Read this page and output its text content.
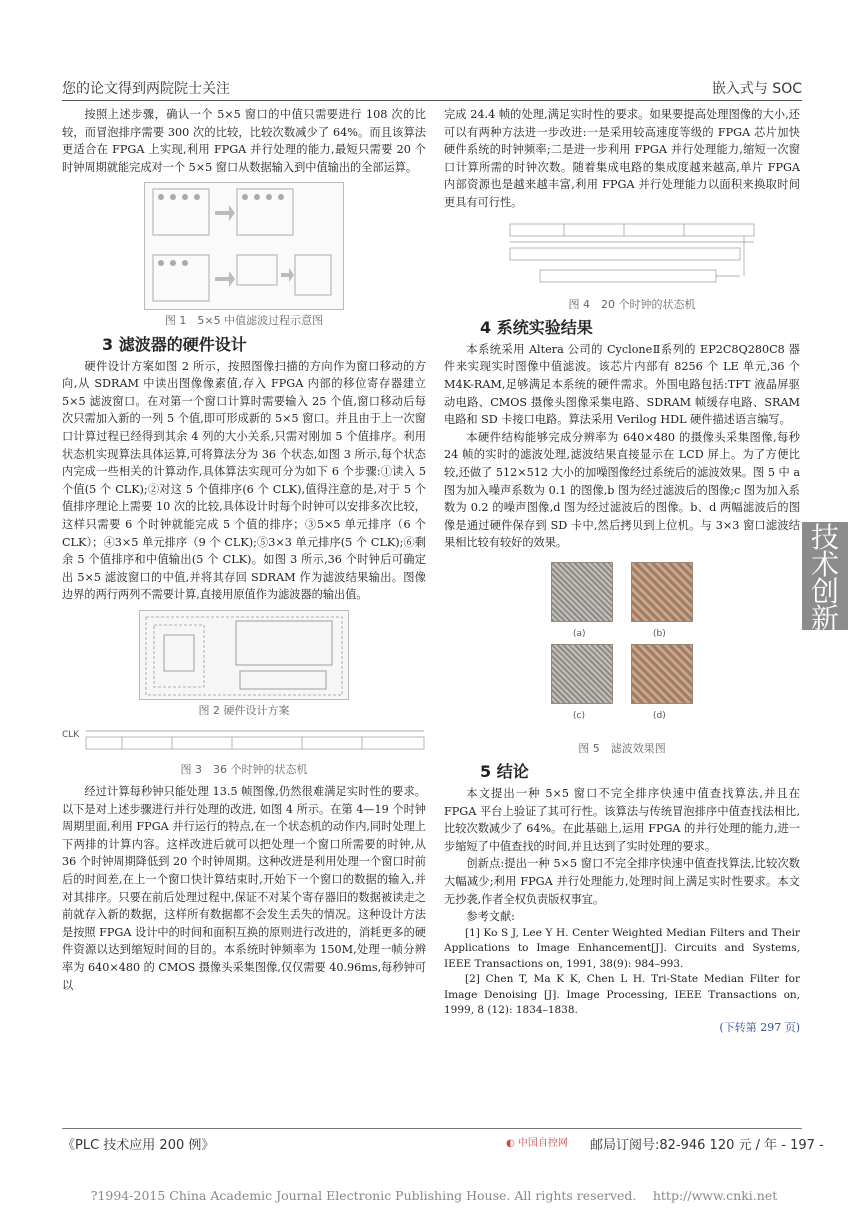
您的论文得到两院院士关注	嵌入式与 SOC

按照上述步骤，确认一个 5×5 窗口的中值只需要进行 108 次的比较，而冒泡排序需要 300 次的比较，比较次数减少了 64%。而且该算法更适合在 FPGA 上实现,利用 FPGA 并行处理的能力,最短只需要 20 个时钟周期就能完成对一个 5×5 窗口从数据输入到中值输出的全部运算。

图 1　5×5 中值滤波过程示意图
3 滤波器的硬件设计

硬件设计方案如图 2 所示，按照图像扫描的方向作为窗口移动的方向,从 SDRAM 中读出图像像素值,存入 FPGA 内部的移位寄存器建立 5×5 滤波窗口。在对第一个窗口计算时需要输入 25 个值,窗口移动后每次只需加入新的一列 5 个值,即可形成新的 5×5 窗口。并且由于上一次窗口计算过程已经得到其余 4 列的大小关系,只需对刚加 5 个值排序。利用状态机实现算法具体运算,可将算法分为 36 个状态,如图 3 所示,每个状态内完成一些相关的计算动作,具体算法实现可分为如下 6 个步骤:①读入 5 个值(5 个 CLK);②对这 5 个值排序(6 个 CLK),值得注意的是,对于 5 个值排序理论上需要 10 次的比较,具体设计时每个时钟可以安排多次比较，这样只需要 6 个时钟就能完成 5 个值的排序；③5×5 单元排序（6 个 CLK）；④3×5 单元排序（9 个 CLK);⑤3×3 单元排序(5 个 CLK);⑥剩余 5 个值排序和中值输出(5 个 CLK)。如图 3 所示,36 个时钟后可确定出 5×5 滤波窗口的中值,并将其存回 SDRAM 作为滤波结果输出。图像边界的两行两列不需要计算,直接用原值作为滤波器的输出值。

图 2 硬件设计方案
CLK
图 3　36 个时钟的状态机

经过计算每秒钟只能处理 13.5 帧图像,仍然很难满足实时性的要求。以下是对上述步骤进行并行处理的改进, 如图 4 所示。在第 4—19 个时钟周期里面,利用 FPGA 并行运行的特点,在一个状态机的动作内,同时处理上下两排的计算内容。这样改进后就可以把处理一个窗口所需要的时钟,从 36 个时钟周期降低到 20 个时钟周期。这种改进是利用处理一个窗口时前后的时间差,在上一个窗口快计算结束时,开始下一个窗口的数据的输入,并对其排序。只要在前后处理过程中,保证不对某个寄存器旧的数据被读走之前就存入新的数据，这样所有数据都不会发生丢失的情况。这种设计方法是按照 FPGA 设计中的时间和面积互换的原则进行改进的，消耗更多的硬件资源以达到缩短时间的目的。本系统时钟频率为 150M,处理一帧分辨率为 640×480 的 CMOS 摄像头采集图像,仅仅需要 40.96ms,每秒钟可以

完成 24.4 帧的处理,满足实时性的要求。如果要提高处理图像的大小,还可以有两种方法进一步改进:一是采用较高速度等级的 FPGA 芯片加快硬件系统的时钟频率;二是进一步利用 FPGA 并行处理能力,缩短一次窗口计算所需的时钟次数。随着集成电路的集成度越来越高,单片 FPGA 内部资源也是越来越丰富,利用 FPGA 并行处理能力以面积来换取时间更具有可行性。

图 4　20 个时钟的状态机
4 系统实验结果

本系统采用 Altera 公司的 CycloneⅡ系列的 EP2C8Q280C8 器件来实现实时图像中值滤波。该芯片内部有 8256 个 LE 单元,36 个 M4K-RAM,足够满足本系统的硬件需求。外围电路包括:TFT 液晶屏驱动电路、CMOS 摄像头图像采集电路、SDRAM 帧缓存电路、SRAM 电路和 SD 卡接口电路。算法采用 Verilog HDL 硬件描述语言编写。

本硬件结构能够完成分辨率为 640×480 的摄像头采集图像,每秒 24 帧的实时的滤波处理,滤波结果直接显示在 LCD 屏上。为了方便比较,还做了 512×512 大小的加噪图像经过系统后的滤波效果。图 5 中 a 图为加入噪声系数为 0.1 的图像,b 图为经过滤波后的图像;c 图为加入系数为 0.2 的噪声图像,d 图为经过滤波后的图像。b、d 两幅滤波后的图像是通过硬件保存到 SD 卡中,然后拷贝到上位机。与 3×3 窗口滤波结果相比较有较好的效果。

(a)	(b)
(c)	(d)
图 5　滤波效果图
5 结论

本文提出一种 5×5 窗口不完全排序快速中值查找算法,并且在 FPGA 平台上验证了其可行性。该算法与传统冒泡排序中值查找法相比,比较次数减少了 64%。在此基础上,运用 FPGA 的并行处理的能力,进一步缩短了中值查找的时间,并且达到了实时处理的要求。

创新点:提出一种 5×5 窗口不完全排序快速中值查找算法,比较次数大幅减少;利用 FPGA 并行处理能力,处理时间上满足实时性要求。本文无抄袭,作者全权负责版权事宜。

参考文献:

[1] Ko S J, Lee Y H. Center Weighted Median Filters and Their Applications to Image Enhancement[J]. Circuits and Systems, IEEE Transactions on, 1991, 38(9): 984–993.

[2] Chen T, Ma K K, Chen L H. Tri-State Median Filter for Image Denoising [J]. Image Processing, IEEE Transactions on, 1999, 8 (12): 1834–1838.

(下转第 297 页)

技术创新
《PLC 技术应用 200 例》	◐ 中国自控网 邮局订阅号:82-946 120 元 / 年 - 197 -
?1994-2015 China Academic Journal Electronic Publishing House. All rights reserved.　 http://www.cnki.net
